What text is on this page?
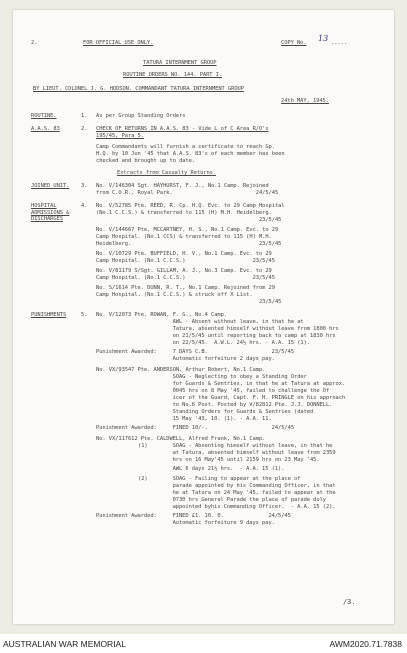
2.	FOR OFFICIAL USE ONLY.	COPY No. 13 .....
TATURA INTERNMENT GROUP
ROUTINE ORDERS NO. 144. PART I.
BY LIEUT. COLONEL J. G. HODSON. COMMANDANT TATURA INTERNMENT GROUP
24th MAY, 1945.
ROUTINE.	1. As per Group Standing Orders
A.A.S. 83	2. CHECK OF RETURNS IN A.A.S. 83 - Vide L of C Area R/O's
195/45, Para 5.
Camp Commandants will furnish a certificate to reach Gp.
H.Q. by 10 Jun '45 that A.A.S. 83's of each member has been
checked and brought up to date.
Extracts from Casualty Returns.
JOINED UNIT.	3. No. V/146304 Sgt. HAYHURST, F. J., No.1 Camp. Rejoined
from C.O.R., Royal Park.                          24/5/45
HOSPITAL ADMISSIONS & DISCHARGES
4. No. V/52785 Pte. REED, R. Cp. H.Q. Evc. to 29 Camp Hospital
(No.1 C.C.S.) & transferred to 115 (H) M.H. Heidelberg.
23/5/45
No. V/144667 Pte. MCCARTNEY, H. S., No.1 Camp. Evc. to 29
Camp Hospital. (No.1 CCS) & transferred to 115 (H) M.H.
Heidelberg.                                        23/5/45
No. V/10729 Pte. BUFFIELD, H. V., No.1 Camp. Evc. to 29
Camp Hospital. (No.1 C.C.S.)                     23/5/45
No. V/81179 S/Sgt. GILLAM, A. J., No.3 Camp. Evc. to 29
Camp Hospital. (No.1 C.C.S.)                     23/5/45
No. S/1614 Pte. DUNN, R. T., No.1 Camp. Rejoined from 29
Camp Hospital. (No.1 C.C.S.) & struck off X List.
23/5/45
PUNISHMENTS	5. No. V/12073 Pte. ROWAN, F. G., No.4 Camp.
AWL - Absent without leave, in that he at
Tatura, absented himself without leave from 1800 hrs
on 21/5/45 until reporting back to camp at 1830 hrs
on 22/5/45.  A.W.L. 24½ hrs. - A.A. 15 (1).
Punishment Awarded: 7 DAYS C.B.                    23/5/45
Automatic forfeiture 2 days pay.
No. VX/93547 Pte. ANDERSON, Arthur Robert, No.1 Camp.
SOAG - Neglecting to obey a Standing Order
for Guards & Sentries, in that he at Tatura at approx.
0045 hrs on 8 May '45, failed to challenge the Of
icer of the Guard, Capt. F. H. PRINGLE on his approach
to No.6 Post. Posted by V/82812 Pte. J.J. DONNELL.
Standing Orders for Guards & Sentries (dated
15 May '43, 10. (1). - A.A. 11.
Punishment Awarded: FINED 10/-.                    24/5/45
No. VX/117612 Pte. CALDWELL, Alfred Frank, No.1 Camp.
(1)	SOAG - Absenting himself without leave, in that he
at Tatura, absented himself without leave from 2359
hrs on 16 May'45 until 2159 hrs on 23 May '45.
AWL 6 days 21½ hrs.  - A.A. 15 (1).
(2)	SOAG - Failing to appear at the place of
parade appointed by his Commanding Officer, in that
he at Tatura on 24 May '45, failed to appear at the
0730 hrs General Parade the place of parade duly
appointed byhis Commanding Officer.  - A.A. 15 (2).
Punishment Awarded: FINED £1. 10. 0.              24/5/45
Automatic forfeiture 9 days pay.
/3.
AUSTRALIAN WAR MEMORIAL	AWM2020.71.7838
